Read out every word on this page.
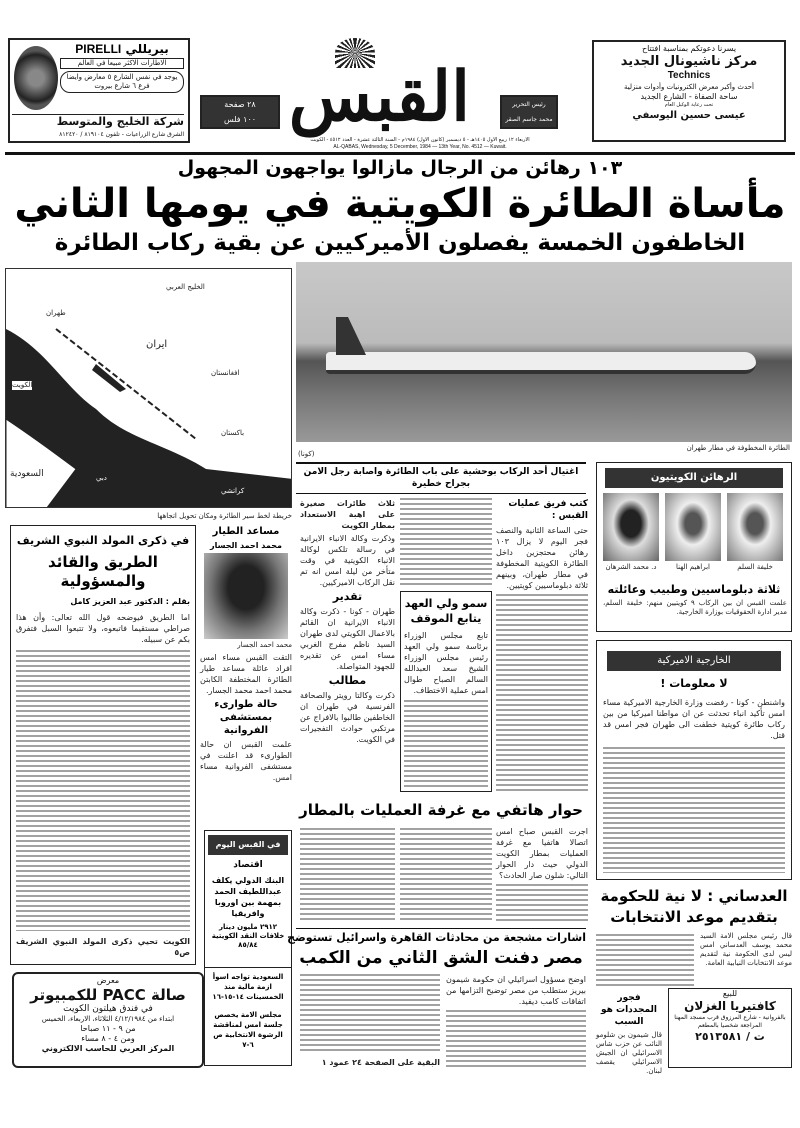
بيريللي PIRELLI
الاطارات الاكثر مبيعا في العالم
يوجد في نفس الشارع ٥ معارض وايضا فرع ٦ شارع بيروت
شركة الخليج والمتوسط
الشرق شارع الزراعيات - تلفون ٨١٩١٠٤ / ٨١٢٤٢٠
٢٨ صفحة
١٠٠ فلس القبس	رئيس التحرير
محمد جاسم الصقر
الاربعاء ١٢ ربيع الاول ١٤٠٥هـ - ٥ ديسمبر (كانون الاول) ١٩٨٤م - السنة الثالثة عشرة - العدد ٤٥١٢ - الكويت
AL-QABAS, Wednesday, 5 December, 1984 — 13th Year, No. 4512 — Kuwait.
يسرنا دعوتكم بمناسبة افتتاح
مركز ناشيونال الجديد
Technics
أحدث وأكبر معرض الكترونيات وأدوات منزلية
ساحة الصفاة - الشارع الجديد
تحت رعاية الوكيل العام
عيسى حسين اليوسفي
١٠٣ رهائن من الرجال مازالوا يواجهون المجهول
مأساة الطائرة الكويتية في يومها الثاني
الخاطفون الخمسة يفصلون الأميركيين عن بقية ركاب الطائرة
الخليج العربي
طهران
ايران
افغانستان
باكستان
كراتشي
دبي
السعودية
الكويت
خريطة لخط سير الطائرة ومكان تحويل اتجاهها
الطائرة المخطوفة في مطار طهران
(كونا)
اغتيال أحد الركاب بوحشية على باب الطائرة واصابة رجل الامن بجراح خطيرة
كتب فريق عمليات القبس :
حتى الساعة الثانية والنصف فجر اليوم لا يزال ١٠٣ رهائن محتجزين داخل الطائرة الكويتية المخطوفة في مطار طهران، وبينهم ثلاثة دبلوماسيين كويتيين.
سمو ولي العهد يتابع الموقف
تابع مجلس الوزراء برئاسة سمو ولي العهد رئيس مجلس الوزراء الشيخ سعد العبدالله السالم الصباح طوال امس عملية الاختطاف.
ثلاث طائرات صغيرة على اهبة الاستعداد بمطار الكويت
وذكرت وكالة الانباء الايرانية في رسالة تلكس لوكالة الانباء الكويتية في وقت متأخر من ليلة امس انه تم نقل الركاب الاميركيين.
تقدير
طهران - كونا - ذكرت وكالة الانباء الايرانية ان القائم بالاعمال الكويتي لدى طهران السيد ناظم مفرج الغربي مساء امس عن تقديره للجهود المتواصلة.
مطالب
ذكرت وكالتا رويتر والصحافة الفرنسية في طهران ان الخاطفين طالبوا بالافراج عن مرتكبي حوادث التفجيرات في الكويت.
مساعد الطيار
محمد احمد الجسار
محمد احمد الجسار
التقت القبس مساء امس افراد عائلة مساعد طيار الطائرة المختطفة الكابتن محمد احمد محمد الجسار.
حالة طوارىء بمستشفى الفروانية
علمت القبس ان حالة الطوارىء قد اعلنت في مستشفى الفروانية مساء امس.
في القبس اليوم
اقتصاد
البنك الدولي يكلف عبداللطيف الحمد بمهمة بين اوروبا وافريقيا
٢٩١٢ مليون دينار خلافات النقد الكويتية ٨٥/٨٤
السعودية تواجه اسوأ ازمة مالية منذ الخمسينات ١٤-١٥-١٦
مجلس الامة يخصص جلسة امس لمناقشة الرشوة الانتخابية ص ٦-٧
في ذكرى المولد النبوي الشريف
الطريق والقائد والمسؤولية
بقلم : الدكتور عبد العزيز كامل
اما الطريق فيوضحه قول الله تعالى: وأن هذا صراطي مستقيما فاتبعوه، ولا تتبعوا السبل فتفرق بكم عن سبيله.
الكويت تحيي ذكرى المولد النبوي الشريف ص٥
حوار هاتفي مع غرفة العمليات بالمطار
اجرت القبس صباح امس اتصالا هاتفيا مع غرفة العمليات بمطار الكويت الدولي حيث دار الحوار التالي: شلون صار الحادث؟
اشارات مشجعة من محادثات القاهرة واسرائيل تستوضح
مصر دفنت الشق الثاني من الكمب
اوضح مسؤول اسرائيلي ان حكومة شيمون بيريز ستطلب من مصر توضيح التزامها من اتفاقات كامب ديفيد.
البقية على الصفحة ٢٤ عمود ١
الرهائن الكويتيون
خليفة السلم
ابراهيم الهنا
د. محمد الشرهان
ثلاثة دبلوماسيين وطبيب وعائلته
علمت القبس ان بين الركاب ٩ كويتيين منهم: خليفة السلم، مدير ادارة الحقوقيات بوزارة الخارجية.
الخارجية الاميركية
لا معلومات !
واشنطن - كونا - رفضت وزارة الخارجية الاميركية مساء امس تأكيد انباء تحدثت عن ان مواطنا اميركيا من بين ركاب طائرة كويتية خطفت الى طهران فجر امس قد قتل.
العدساني : لا نية للحكومة بتقديم موعد الانتخابات
قال رئيس مجلس الامة السيد محمد يوسف العدساني امس ليس لدى الحكومة نية لتقديم موعد الانتخابات النيابية العامة.
فجور المجددات هو السبب
قال شيمون بن شلومو النائب عن حزب شاس الاسرائيلي ان الجيش الاسرائيلي يقصف لبنان.
للبيع
كافتيريا الغزلان
بالفروانية - شارع المرزوق قرب مسجد المهنا
المراجعة شخصيا بالمطعم
ت / ٢٥١٣٥٨١
معرض
صالة PACC للكمبيوتر
في فندق هيلتون الكويت
ابتداء من ٤/١٢/١٩٨٤ الثلاثاء، الاربعاء، الخميس
من ٩ - ١١ صباحا
ومن ٤ - ٨ مساء
المركز العربي للحاسب الالكتروني
